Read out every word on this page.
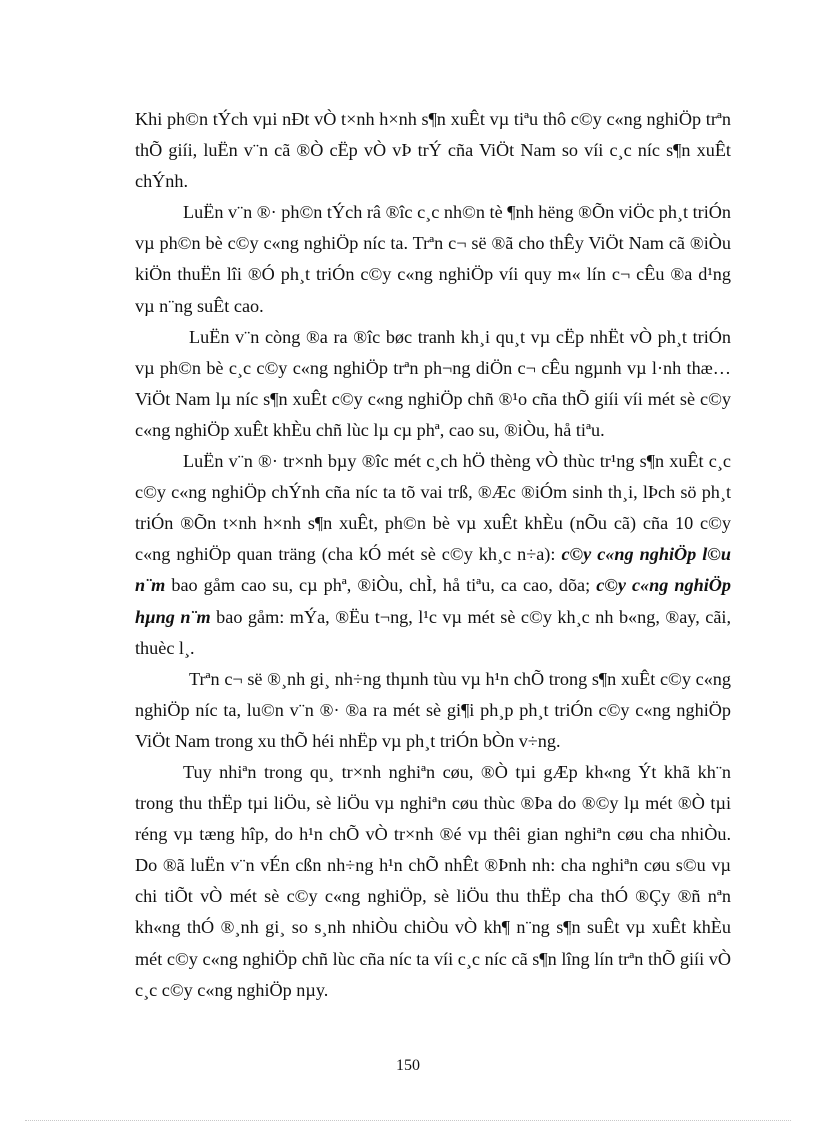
Khi ph©n tÝch vµi nÐt vÒ t×nh h×nh s¶n xuÊt vµ tiªu thô c©y c«ng nghiÖp trªn thÕ giíi, luËn v¨n cã ®Ò cËp vÒ vÞ trÝ cña ViÖt Nam so víi c¸c níc s¶n xuÊt chÝnh.

LuËn v¨n ®· ph©n tÝch râ ®îc c¸c nh©n tè ¶nh hëng ®Õn viÖc ph¸t triÓn vµ ph©n bè c©y c«ng nghiÖp níc ta. Trªn c¬ së ®ã cho thÊy ViÖt Nam cã ®iÒu kiÖn thuËn lîi ®Ó ph¸t triÓn c©y c«ng nghiÖp víi quy m« lín c¬ cÊu ®a d¹ng vµ n¨ng suÊt cao.

LuËn v¨n còng ®a ra ®îc bøc tranh kh¸i qu¸t vµ cËp nhËt vÒ ph¸t triÓn vµ ph©n bè c¸c c©y c«ng nghiÖp trªn ph¬ng diÖn c¬ cÊu ngµnh vµ l·nh thæ…ViÖt Nam lµ níc s¶n xuÊt c©y c«ng nghiÖp chñ ®¹o cña thÕ giíi víi mét sè c©y c«ng nghiÖp xuÊt khÈu chñ lùc lµ cµ phª, cao su, ®iÒu, hå tiªu.

LuËn v¨n ®· tr×nh bµy ®îc mét c¸ch hÖ thèng vÒ thùc tr¹ng s¶n xuÊt c¸c c©y c«ng nghiÖp chÝnh cña níc ta tõ vai trß, ®Æc ®iÓm sinh th¸i, lÞch sö ph¸t triÓn ®Õn t×nh h×nh s¶n xuÊt, ph©n bè vµ xuÊt khÈu (nÕu cã) cña 10 c©y c«ng nghiÖp quan träng (cha kÓ mét sè c©y kh¸c n÷a): c©y c«ng nghiÖp l©u n¨m bao gåm cao su, cµ phª, ®iÒu, chÌ, hå tiªu, ca cao, dõa; c©y c«ng nghiÖp hµng n¨m bao gåm: mÝa, ®Ëu t¬ng, l¹c vµ mét sè c©y kh¸c nh b«ng, ®ay, cãi, thuèc l¸.

Trªn c¬ së ®¸nh gi¸ nh÷ng thµnh tùu vµ h¹n chÕ trong s¶n xuÊt c©y c«ng nghiÖp níc ta, lu©n v¨n ®· ®a ra mét sè gi¶i ph¸p ph¸t triÓn c©y c«ng nghiÖp ViÖt Nam trong xu thÕ héi nhËp vµ ph¸t triÓn bÒn v÷ng.

Tuy nhiªn trong qu¸ tr×nh nghiªn cøu, ®Ò tµi gÆp kh«ng Ýt khã kh¨n trong thu thËp tµi liÖu, sè liÖu vµ nghiªn cøu thùc ®Þa do ®©y lµ mét ®Ò tµi réng vµ tæng hîp, do h¹n chÕ vÒ tr×nh ®é vµ thêi gian nghiªn cøu cha nhiÒu. Do ®ã luËn v¨n vÉn cßn nh÷ng h¹n chÕ nhÊt ®Þnh nh: cha nghiªn cøu s©u vµ chi tiÕt vÒ mét sè c©y c«ng nghiÖp, sè liÖu thu thËp cha thÓ ®Çy ®ñ nªn kh«ng thÓ ®¸nh gi¸ so s¸nh nhiÒu chiÒu vÒ kh¶ n¨ng s¶n suÊt vµ xuÊt khÈu mét c©y c«ng nghiÖp chñ lùc cña níc ta víi c¸c níc cã s¶n lîng lín trªn thÕ giíi vÒ c¸c c©y c«ng nghiÖp nµy.

150
